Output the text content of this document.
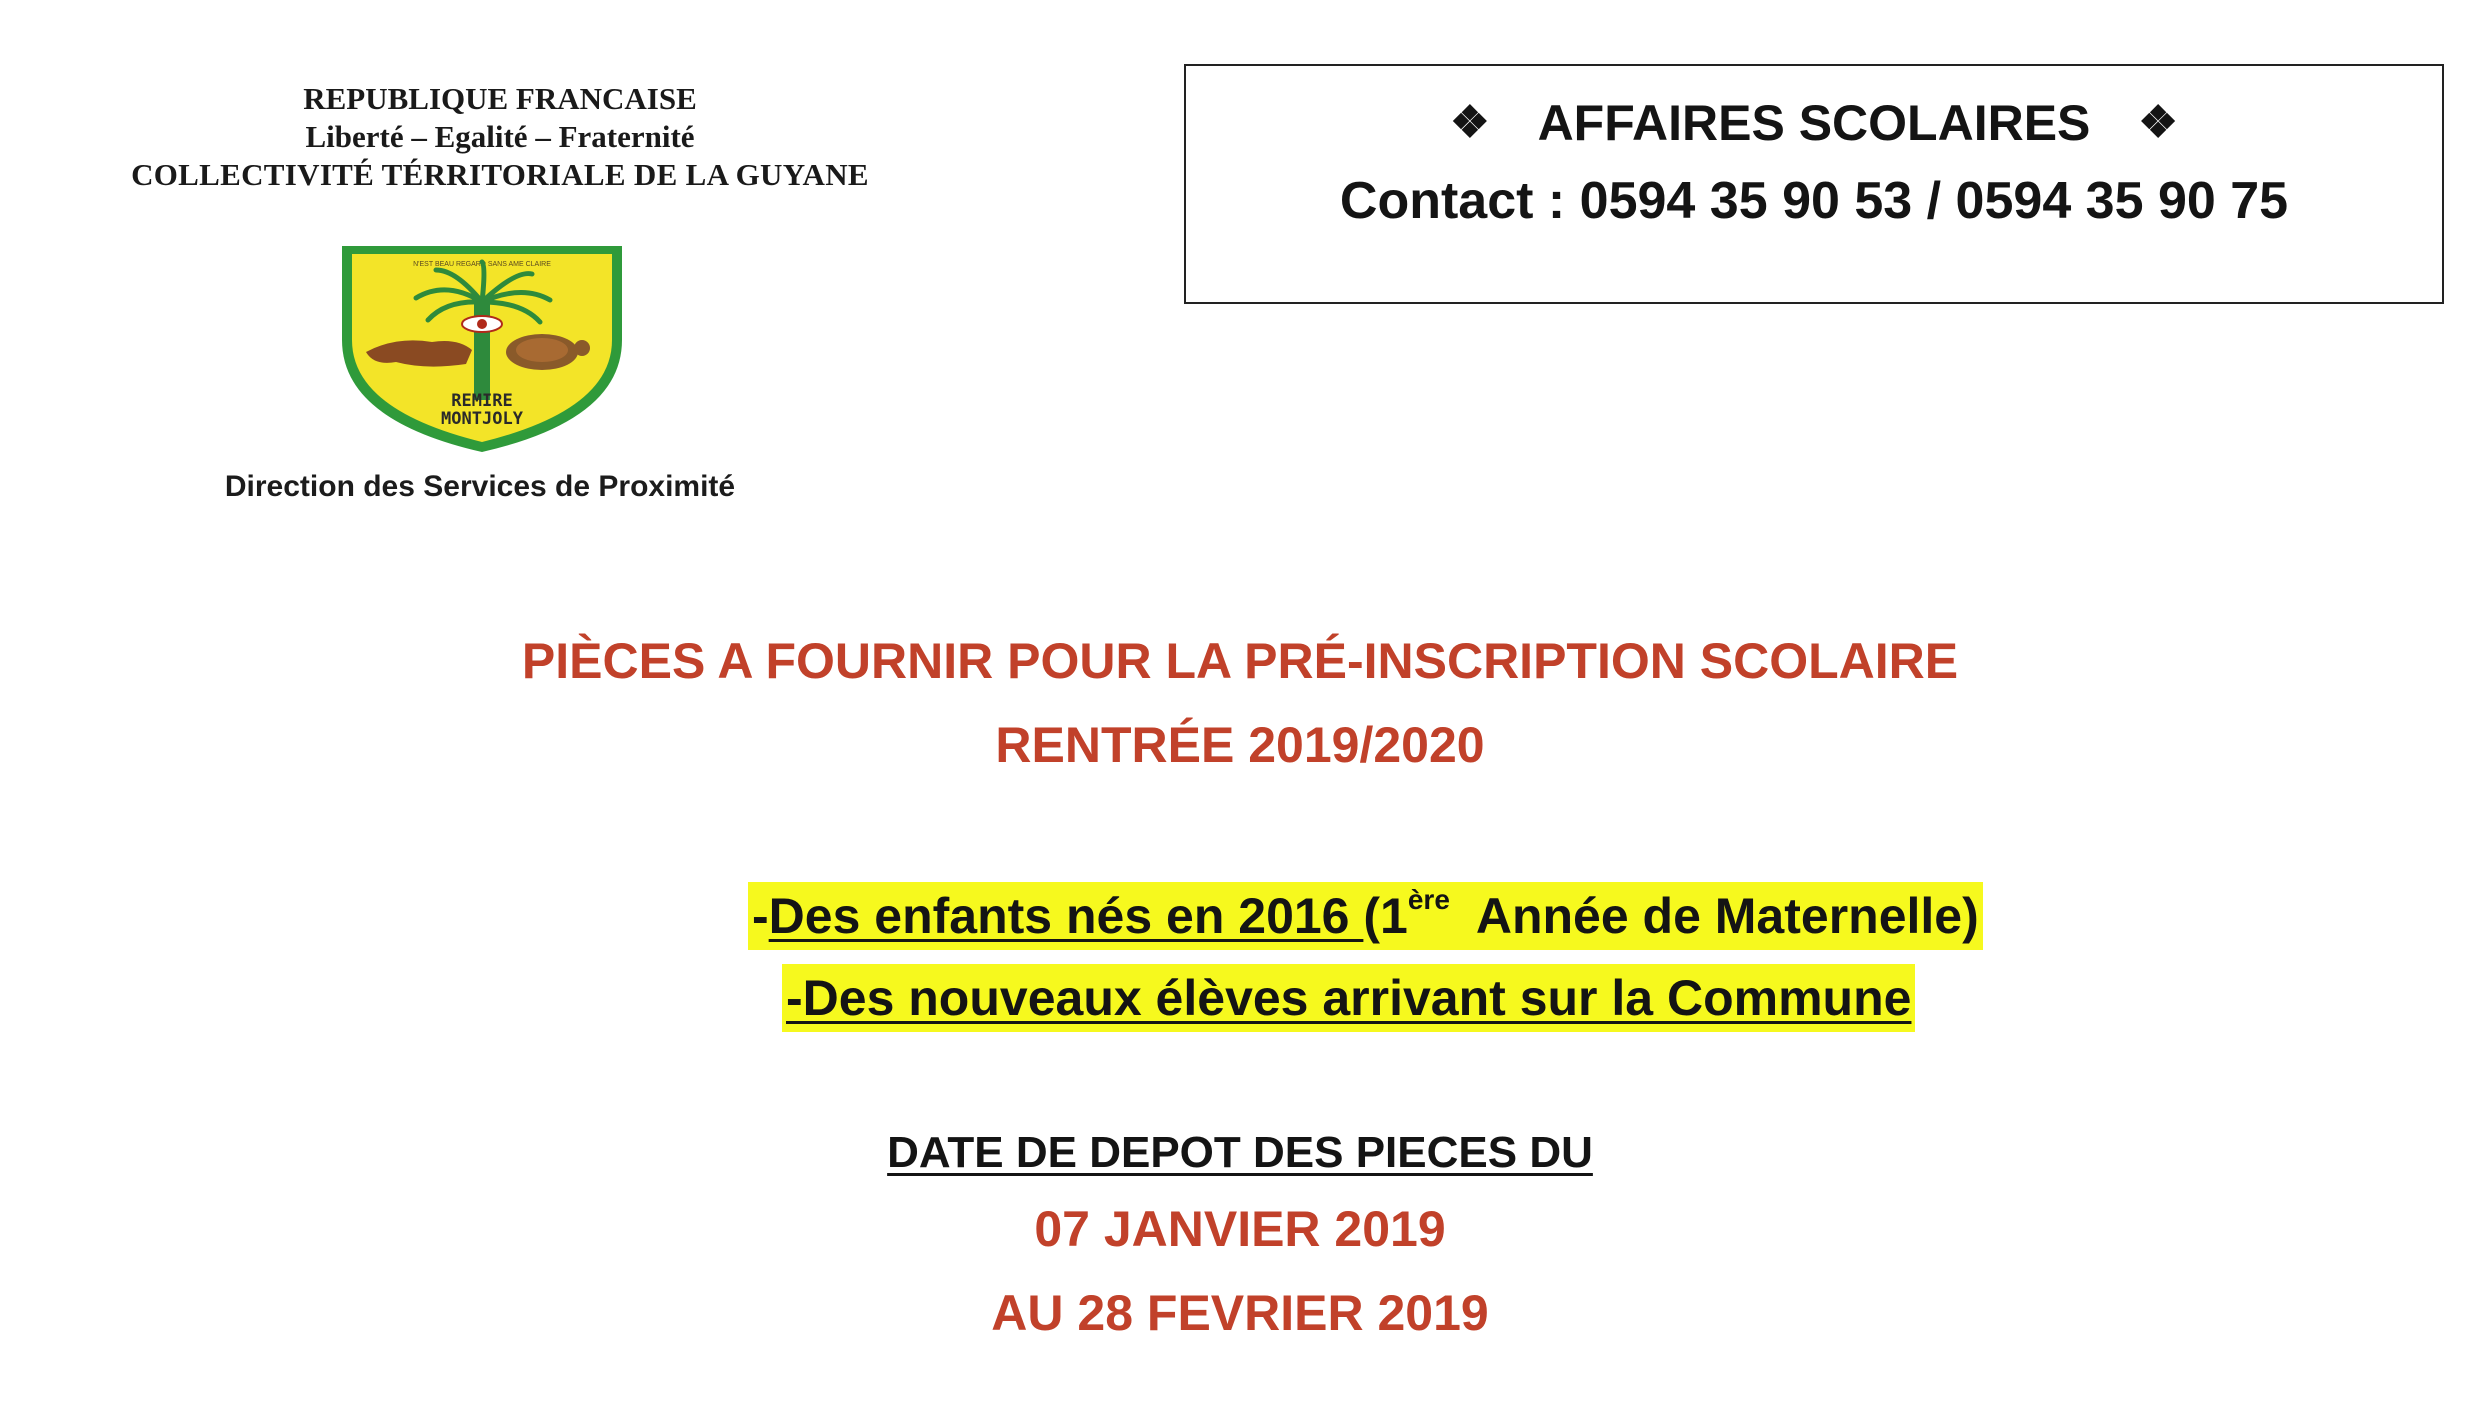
REPUBLIQUE FRANCAISE
Liberté – Egalité – Fraternité
COLLECTIVITÉ TÉRRITORIALE DE LA GUYANE
N'EST BEAU REGARD SANS AME CLAIRE
REMIRE
MONTJOLY
Direction des Services de Proximité
❖ AFFAIRES SCOLAIRES ❖
Contact : 0594 35 90 53 / 0594 35 90 75
PIÈCES A FOURNIR POUR LA PRÉ-INSCRIPTION SCOLAIRE
RENTRÉE 2019/2020
-Des enfants nés en 2016 (1ère  Année de Maternelle)
-Des nouveaux élèves arrivant sur la Commune
DATE DE DEPOT DES PIECES DU
07 JANVIER 2019
AU 28 FEVRIER 2019
